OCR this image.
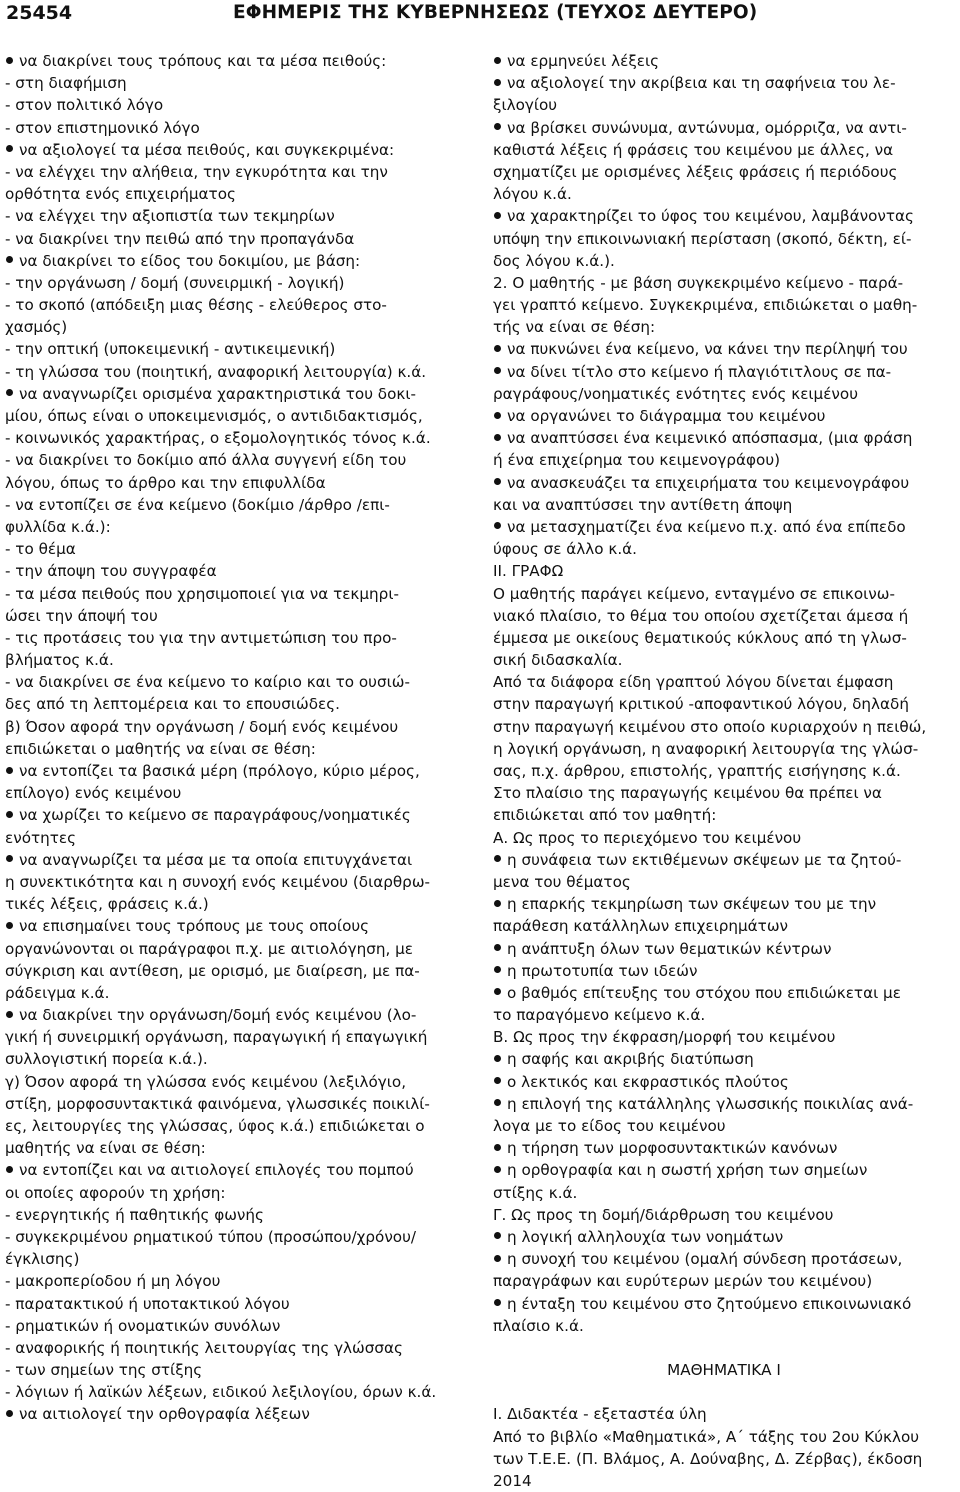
25454	ΕΦΗΜΕΡΙΣ ΤΗΣ ΚΥΒΕΡΝΗΣΕΩΣ (ΤΕΥΧΟΣ ΔΕΥΤΕΡΟ)
να διακρίνει τους τρόπους και τα μέσα πειθούς:
- στη διαφήμιση
- στον πολιτικό λόγο
- στον επιστημονικό λόγο
να αξιολογεί τα μέσα πειθούς, και συγκεκριμένα:
- να ελέγχει την αλήθεια, την εγκυρότητα και την
ορθότητα ενός επιχειρήματος
- να ελέγχει την αξιοπιστία των τεκμηρίων
- να διακρίνει την πειθώ από την προπαγάνδα
να διακρίνει το είδος του δοκιμίου, με βάση:
- την οργάνωση / δομή (συνειρμική - λογική)
- το σκοπό (απόδειξη μιας θέσης - ελεύθερος στο-
χασμός)
- την οπτική (υποκειμενική - αντικειμενική)
- τη γλώσσα του (ποιητική, αναφορική λειτουργία) κ.ά.
να αναγνωρίζει ορισμένα χαρακτηριστικά του δοκι-
μίου, όπως είναι ο υποκειμενισμός, ο αντιδιδακτισμός,
- κοινωνικός χαρακτήρας, ο εξομολογητικός τόνος κ.ά.
- να διακρίνει το δοκίμιο από άλλα συγγενή είδη του
λόγου, όπως το άρθρο και την επιφυλλίδα
- να εντοπίζει σε ένα κείμενο (δοκίμιο /άρθρο /επι-
φυλλίδα κ.ά.):
- το θέμα
- την άποψη του συγγραφέα
- τα μέσα πειθούς που χρησιμοποιεί για να τεκμηρι-
ώσει την άποψή του
- τις προτάσεις του για την αντιμετώπιση του προ-
βλήματος κ.ά.
- να διακρίνει σε ένα κείμενο το καίριο και το ουσιώ-
δες από τη λεπτομέρεια και το επουσιώδες.
β) Όσον αφορά την οργάνωση / δομή ενός κειμένου
επιδιώκεται ο μαθητής να είναι σε θέση:
να εντοπίζει τα βασικά μέρη (πρόλογο, κύριο μέρος,
επίλογο) ενός κειμένου
να χωρίζει το κείμενο σε παραγράφους/νοηματικές
ενότητες
να αναγνωρίζει τα μέσα με τα οποία επιτυγχάνεται
η συνεκτικότητα και η συνοχή ενός κειμένου (διαρθρω-
τικές λέξεις, φράσεις κ.ά.)
να επισημαίνει τους τρόπους με τους οποίους
οργανώνονται οι παράγραφοι π.χ. με αιτιολόγηση, με
σύγκριση και αντίθεση, με ορισμό, με διαίρεση, με πα-
ράδειγμα κ.ά.
να διακρίνει την οργάνωση/δομή ενός κειμένου (λο-
γική ή συνειρμική οργάνωση, παραγωγική ή επαγωγική
συλλογιστική πορεία κ.ά.).
γ) Όσον αφορά τη γλώσσα ενός κειμένου (λεξιλόγιο,
στίξη, μορφοσυντακτικά φαινόμενα, γλωσσικές ποικιλί-
ες, λειτουργίες της γλώσσας, ύφος κ.ά.) επιδιώκεται ο
μαθητής να είναι σε θέση:
να εντοπίζει και να αιτιολογεί επιλογές του πομπού
οι οποίες αφορούν τη χρήση:
- ενεργητικής ή παθητικής φωνής
- συγκεκριμένου ρηματικού τύπου (προσώπου/χρόνου/
έγκλισης)
- μακροπερίοδου ή μη λόγου
- παρατακτικού ή υποτακτικού λόγου
- ρηματικών ή ονοματικών συνόλων
- αναφορικής ή ποιητικής λειτουργίας της γλώσσας
- των σημείων της στίξης
- λόγιων ή λαϊκών λέξεων, ειδικού λεξιλογίου, όρων κ.ά.
να αιτιολογεί την ορθογραφία λέξεων
να ερμηνεύει λέξεις
να αξιολογεί την ακρίβεια και τη σαφήνεια του λε-
ξιλογίου
να βρίσκει συνώνυμα, αντώνυμα, ομόρριζα, να αντι-
καθιστά λέξεις ή φράσεις του κειμένου με άλλες, να
σχηματίζει με ορισμένες λέξεις φράσεις ή περιόδους
λόγου κ.ά.
να χαρακτηρίζει το ύφος του κειμένου, λαμβάνοντας
υπόψη την επικοινωνιακή περίσταση (σκοπό, δέκτη, εί-
δος λόγου κ.ά.).
2. Ο μαθητής - με βάση συγκεκριμένο κείμενο - παρά-
γει γραπτό κείμενο. Συγκεκριμένα, επιδιώκεται ο μαθη-
τής να είναι σε θέση:
να πυκνώνει ένα κείμενο, να κάνει την περίληψή του
να δίνει τίτλο στο κείμενο ή πλαγιότιτλους σε πα-
ραγράφους/νοηματικές ενότητες ενός κειμένου
να οργανώνει το διάγραμμα του κειμένου
να αναπτύσσει ένα κειμενικό απόσπασμα, (μια φράση
ή ένα επιχείρημα του κειμενογράφου)
να ανασκευάζει τα επιχειρήματα του κειμενογράφου
και να αναπτύσσει την αντίθετη άποψη
να μετασχηματίζει ένα κείμενο π.χ. από ένα επίπεδο
ύφους σε άλλο κ.ά.
ΙΙ. ΓΡΑΦΩ
Ο μαθητής παράγει κείμενο, ενταγμένο σε επικοινω-
νιακό πλαίσιο, το θέμα του οποίου σχετίζεται άμεσα ή
έμμεσα με οικείους θεματικούς κύκλους από τη γλωσ-
σική διδασκαλία.
Από τα διάφορα είδη γραπτού λόγου δίνεται έμφαση
στην παραγωγή κριτικού -αποφαντικού λόγου, δηλαδή
στην παραγωγή κειμένου στο οποίο κυριαρχούν η πειθώ,
η λογική οργάνωση, η αναφορική λειτουργία της γλώσ-
σας, π.χ. άρθρου, επιστολής, γραπτής εισήγησης κ.ά.
Στο πλαίσιο της παραγωγής κειμένου θα πρέπει να
επιδιώκεται από τον μαθητή:
Α. Ως προς το περιεχόμενο του κειμένου
η συνάφεια των εκτιθέμενων σκέψεων με τα ζητού-
μενα του θέματος
η επαρκής τεκμηρίωση των σκέψεων του με την
παράθεση κατάλληλων επιχειρημάτων
η ανάπτυξη όλων των θεματικών κέντρων
η πρωτοτυπία των ιδεών
ο βαθμός επίτευξης του στόχου που επιδιώκεται με
το παραγόμενο κείμενο κ.ά.
Β. Ως προς την έκφραση/μορφή του κειμένου
η σαφής και ακριβής διατύπωση
ο λεκτικός και εκφραστικός πλούτος
η επιλογή της κατάλληλης γλωσσικής ποικιλίας ανά-
λογα με το είδος του κειμένου
η τήρηση των μορφοσυντακτικών κανόνων
η ορθογραφία και η σωστή χρήση των σημείων
στίξης κ.ά.
Γ. Ως προς τη δομή/διάρθρωση του κειμένου
η λογική αλληλουχία των νοημάτων
η συνοχή του κειμένου (ομαλή σύνδεση προτάσεων,
παραγράφων και ευρύτερων μερών του κειμένου)
η ένταξη του κειμένου στο ζητούμενο επικοινωνιακό
πλαίσιο κ.ά.
ΜΑΘΗΜΑΤΙΚΑ Ι
Ι. Διδακτέα - εξεταστέα ύλη
Από το βιβλίο «Μαθηματικά», Α΄ τάξης του 2ου Κύκλου
των Τ.Ε.Ε. (Π. Βλάμος, Α. Δούναβης, Δ. Ζέρβας), έκδοση
2014
